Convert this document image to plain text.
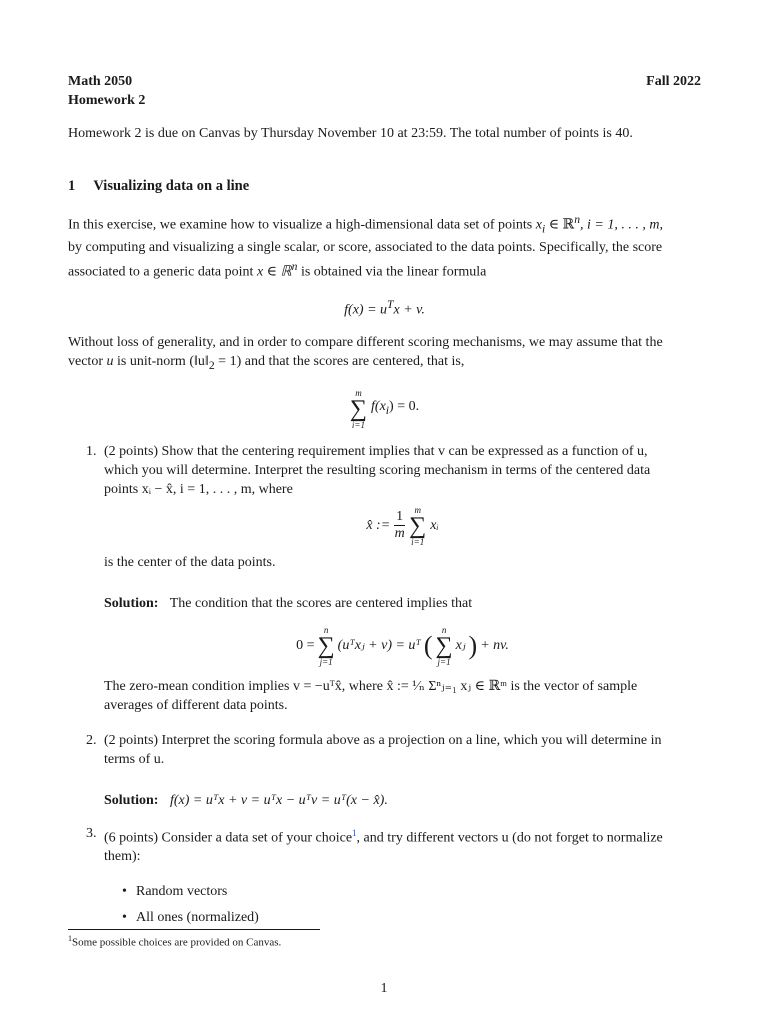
Math 2050	Fall 2022
Homework 2

Homework 2 is due on Canvas by Thursday November 10 at 23:59. The total number of points is 40.

1 Visualizing data on a line

In this exercise, we examine how to visualize a high-dimensional data set of points $x_i$ ∈ ℝ$^n$, i = 1, . . . , m,
by computing and visualizing a single scalar, or score, associated to the data points. Specifically, the score
associated to a generic data point x ∈ ℝ$^n$ is obtained via the linear formula

$f(x) = u^Tx + v$.

Without loss of generality, and in order to compare different scoring mechanisms, we may assume that the
vector u is unit-norm $(‖u‖_2 = 1)$ and that the scores are centered, that is,

m
∑
i=1
$f(x_i) = 0$.
1. (2 points) Show that the centering requirement implies that v can be expressed as a function of u,
which you will determine. Interpret the resulting scoring mechanism in terms of the centered data
points xᵢ − x̂, i = 1, . . . , m, where
x̂ := $\frac{1}{m}$ m
∑
i=1
xᵢ
is the center of the data points.
Solution: The condition that the scores are centered implies that
0 =
n
∑
j=1
(uᵀxⱼ + v) = uᵀ (
n
∑
j=1
xⱼ ) + nv.

The zero-mean condition implies v = −uᵀx̂, where x̂ := ¹⁄ₙ Σⁿⱼ₌₁ xⱼ ∈ ℝᵐ is the vector of sample
averages of different data points.

2. (2 points) Interpret the scoring formula above as a projection on a line, which you will determine in
terms of u.
Solution: f(x) = uᵀx + v = uᵀx − uᵀv = uᵀ(x − x̂).
3. (6 points) Consider a data set of your choice$^1$, and try different vectors u (do not forget to normalize
them):
• Random vectors
• All ones (normalized)
$^1$Some possible choices are provided on Canvas.
1
